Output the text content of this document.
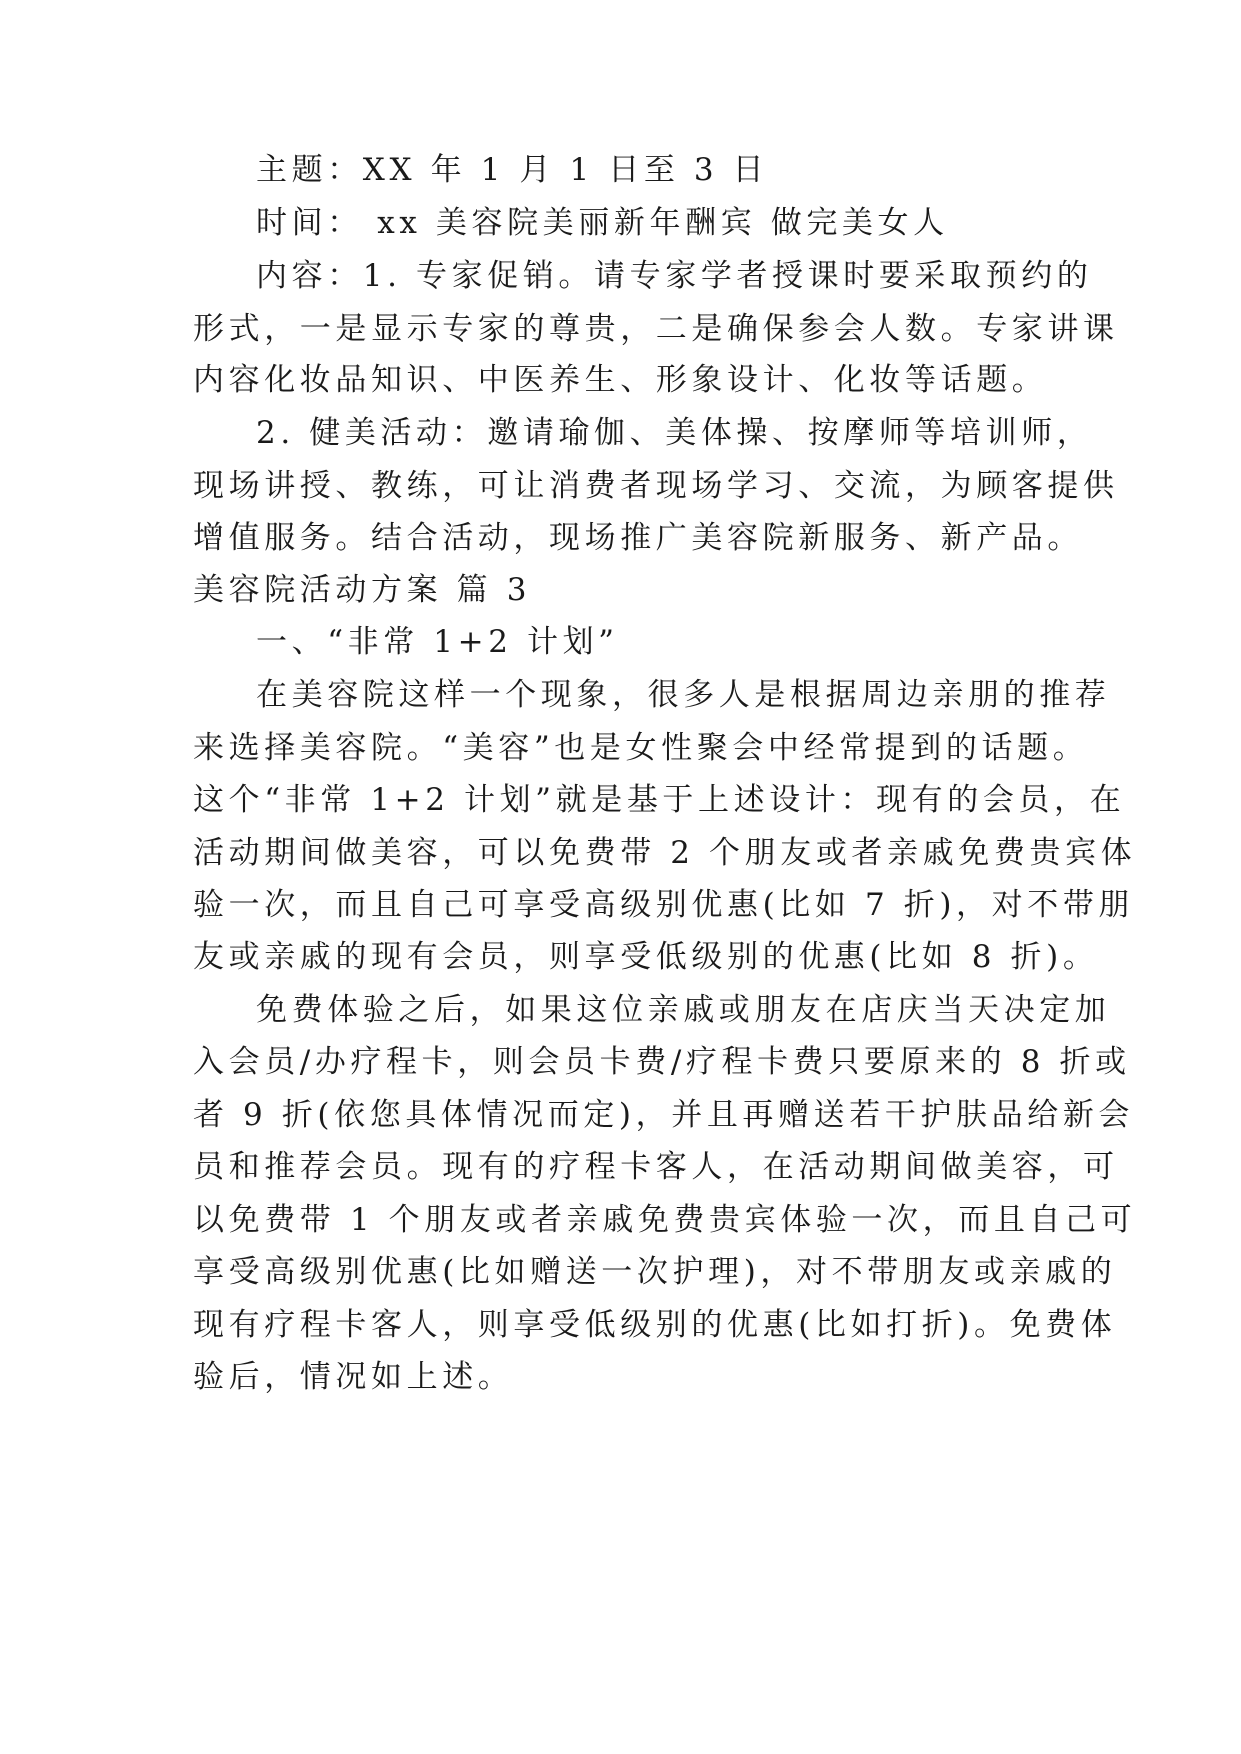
主题：XX 年 1 月 1 日至 3 日
时间： xx 美容院美丽新年酬宾 做完美女人
内容：1. 专家促销。请专家学者授课时要采取预约的
形式，一是显示专家的尊贵，二是确保参会人数。专家讲课
内容化妆品知识、中医养生、形象设计、化妆等话题。
2. 健美活动：邀请瑜伽、美体操、按摩师等培训师，
现场讲授、教练，可让消费者现场学习、交流，为顾客提供
增值服务。结合活动，现场推广美容院新服务、新产品。
美容院活动方案 篇 3
一、“非常 1+2 计划”
在美容院这样一个现象，很多人是根据周边亲朋的推荐
来选择美容院。“美容”也是女性聚会中经常提到的话题。
这个“非常 1+2 计划”就是基于上述设计：现有的会员，在
活动期间做美容，可以免费带 2 个朋友或者亲戚免费贵宾体
验一次，而且自己可享受高级别优惠(比如 7 折)，对不带朋
友或亲戚的现有会员，则享受低级别的优惠(比如 8 折)。
免费体验之后，如果这位亲戚或朋友在店庆当天决定加
入会员/办疗程卡，则会员卡费/疗程卡费只要原来的 8 折或
者 9 折(依您具体情况而定)，并且再赠送若干护肤品给新会
员和推荐会员。现有的疗程卡客人，在活动期间做美容，可
以免费带 1 个朋友或者亲戚免费贵宾体验一次，而且自己可
享受高级别优惠(比如赠送一次护理)，对不带朋友或亲戚的
现有疗程卡客人，则享受低级别的优惠(比如打折)。免费体
验后，情况如上述。
